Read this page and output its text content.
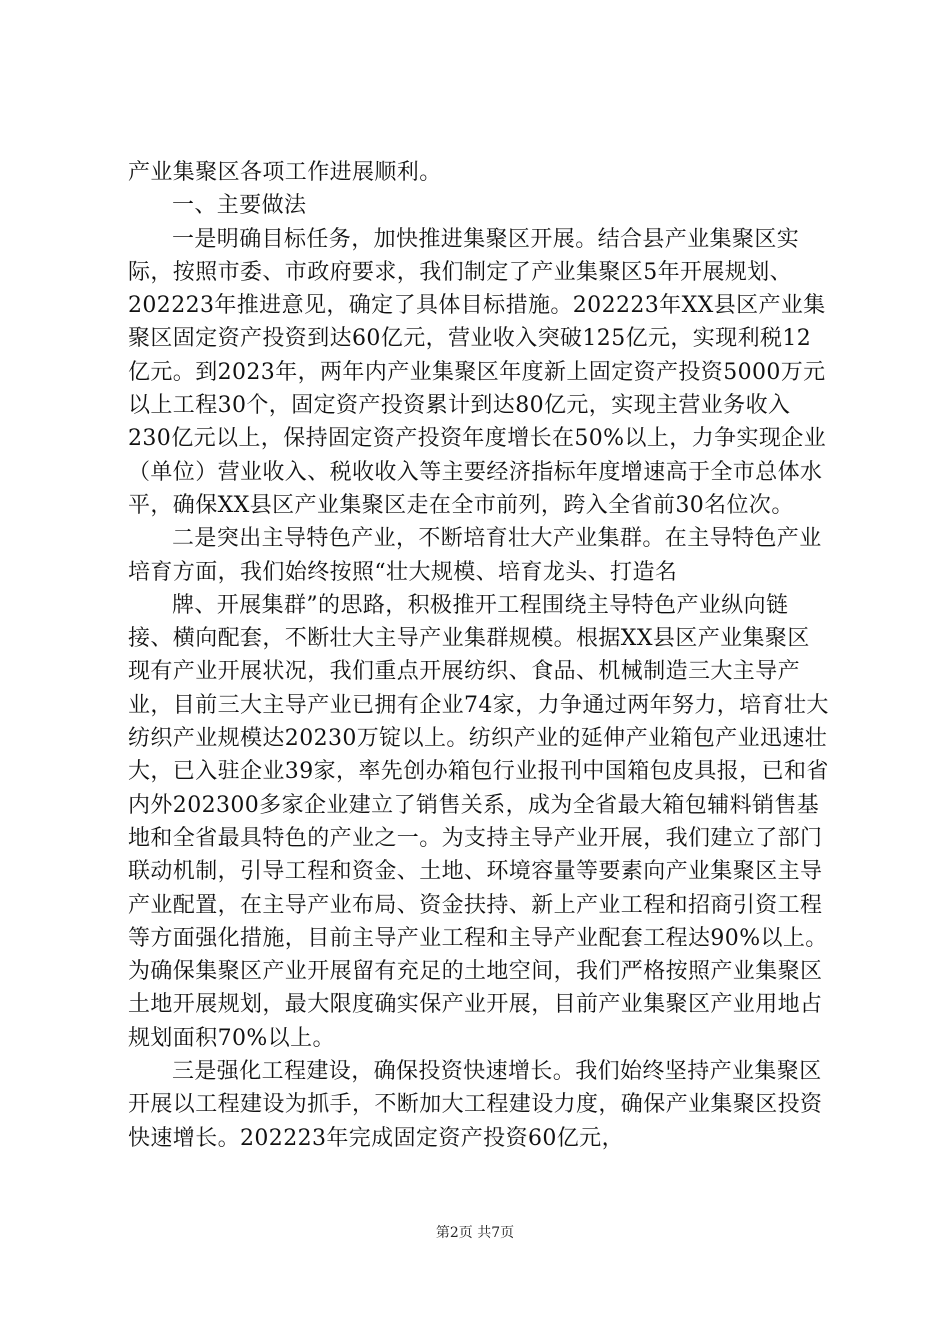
产业集聚区各项工作进展顺利。

一、主要做法

一是明确目标任务，加快推进集聚区开展。结合县产业集聚区实际，按照市委、市政府要求，我们制定了产业集聚区5年开展规划、202223年推进意见，确定了具体目标措施。202223年XX县区产业集聚区固定资产投资到达60亿元，营业收入突破125亿元，实现利税12亿元。到2023年，两年内产业集聚区年度新上固定资产投资5000万元以上工程30个，固定资产投资累计到达80亿元，实现主营业务收入230亿元以上，保持固定资产投资年度增长在50%以上，力争实现企业（单位）营业收入、税收收入等主要经济指标年度增速高于全市总体水平，确保XX县区产业集聚区走在全市前列，跨入全省前30名位次。

二是突出主导特色产业，不断培育壮大产业集群。在主导特色产业培育方面，我们始终按照“壮大规模、培育龙头、打造名

牌、开展集群”的思路，积极推开工程围绕主导特色产业纵向链接、横向配套，不断壮大主导产业集群规模。根据XX县区产业集聚区现有产业开展状况，我们重点开展纺织、食品、机械制造三大主导产业，目前三大主导产业已拥有企业74家，力争通过两年努力，培育壮大纺织产业规模达20230万锭以上。纺织产业的延伸产业箱包产业迅速壮大，已入驻企业39家，率先创办箱包行业报刊中国箱包皮具报，已和省内外202300多家企业建立了销售关系，成为全省最大箱包辅料销售基地和全省最具特色的产业之一。为支持主导产业开展，我们建立了部门联动机制，引导工程和资金、土地、环境容量等要素向产业集聚区主导产业配置，在主导产业布局、资金扶持、新上产业工程和招商引资工程等方面强化措施，目前主导产业工程和主导产业配套工程达90%以上。为确保集聚区产业开展留有充足的土地空间，我们严格按照产业集聚区土地开展规划，最大限度确实保产业开展，目前产业集聚区产业用地占规划面积70%以上。

三是强化工程建设，确保投资快速增长。我们始终坚持产业集聚区开展以工程建设为抓手，不断加大工程建设力度，确保产业集聚区投资快速增长。202223年完成固定资产投资60亿元，

第2页 共7页
